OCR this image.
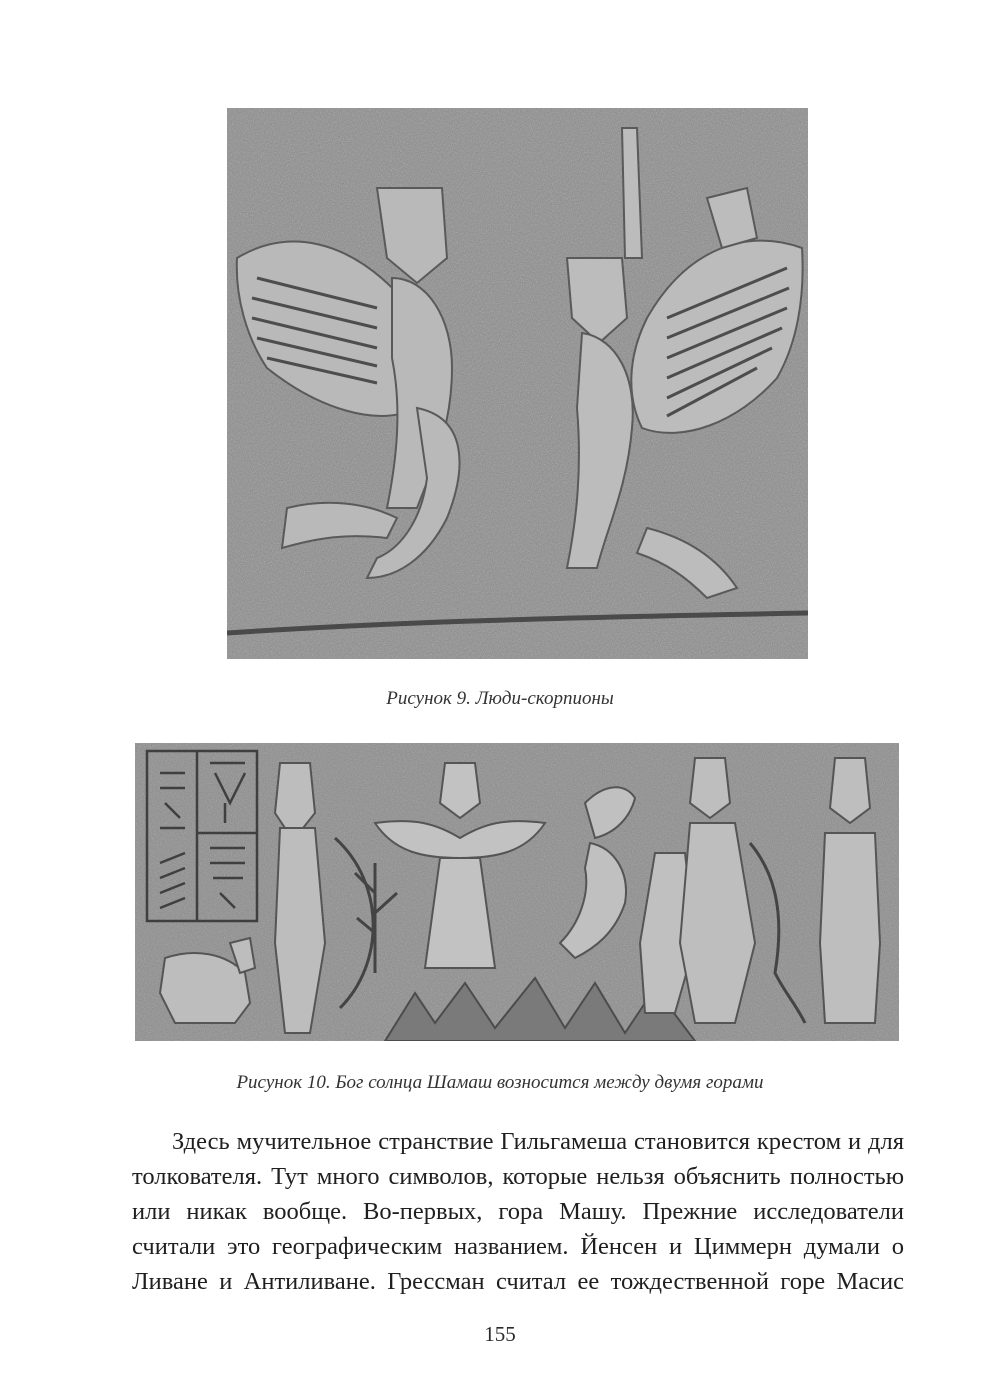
Рисунок 9. Люди-скорпионы
Рисунок 10. Бог солнца Шамаш возносится между двумя горами
Здесь мучительное странствие Гильгамеша становится крестом и для
толкователя. Тут много символов, которые нельзя объяснить полностью
или никак вообще. Во-первых, гора Машу. Прежние исследователи
считали это географическим названием. Йенсен и Циммерн думали о
Ливане и Антиливане. Грессман считал ее тождественной горе Масис
155
